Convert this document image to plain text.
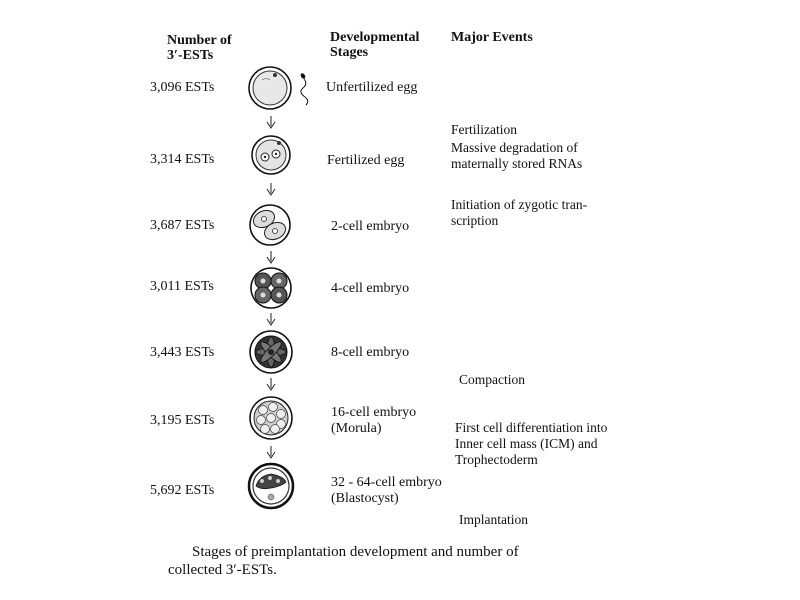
Number of
3′-ESTs
Developmental
Stages
Major Events
3,096 ESTs
3,314 ESTs
3,687 ESTs
3,011 ESTs
3,443 ESTs
3,195 ESTs
5,692 ESTs
Unfertilized egg
Fertilized egg
2-cell embryo
4-cell embryo
8-cell embryo
16-cell embryo
(Morula)
32 - 64-cell embryo
(Blastocyst)
Fertilization
Massive degradation of
maternally stored RNAs
Initiation of zygotic tran-
scription
Compaction
First cell differentiation into
Inner cell mass (ICM) and
Trophectoderm
Implantation
Stages of preimplantation development and number of
collected 3′-ESTs.
